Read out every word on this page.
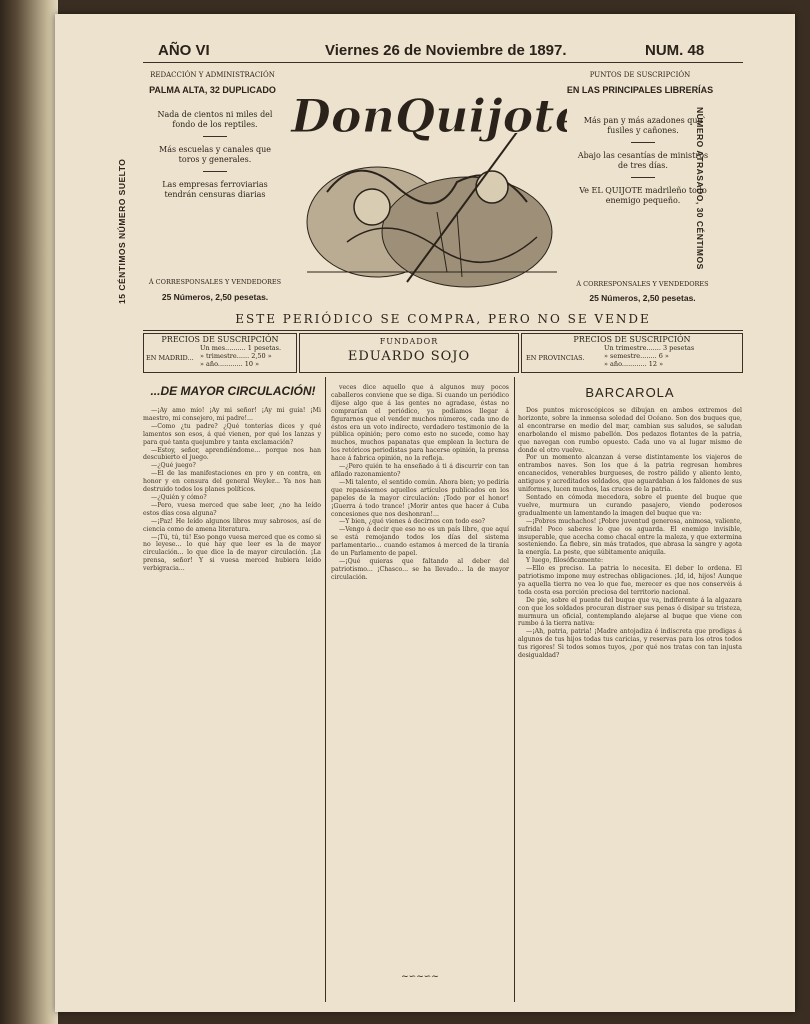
AÑO VI	Viernes 26 de Noviembre de 1897.	NUM. 48
REDACCIÓN Y ADMINISTRACIÓN
PALMA ALTA, 32 DUPLICADO
Nada de cientos ni miles del fondo de los reptiles.
Más escuelas y canales que toros y generales.
Las empresas ferroviarias tendrán censuras diarias
Á CORRESPONSALES Y VENDEDORES
25 Números, 2,50 pesetas.
15 CÉNTIMOS NÚMERO SUELTO
DonQuijote
PUNTOS DE SUSCRIPCIÓN
EN LAS PRINCIPALES LIBRERÍAS
Más pan y más azadones que fusiles y cañones.
Abajo las cesantías de ministros de tres días.
Ve EL QUIJOTE madrileño todo enemigo pequeño.
Á CORRESPONSALES Y VENDEDORES
25 Números, 2,50 pesetas.
NÚMERO ATRASADO, 30 CÉNTIMOS
ESTE PERIÓDICO SE COMPRA, PERO NO SE VENDE
PRECIOS DE SUSCRIPCIÓN
EN MADRID...
Un mes.......... 1 pesetas.
» trimestre...... 2,50 »
» año............ 10 »
FUNDADOR
EDUARDO SOJO
PRECIOS DE SUSCRIPCIÓN
EN PROVINCIAS.
Un trimestre....... 3 pesetas
» semestre........ 6 »
» año............ 12 »
...DE MAYOR CIRCULACIÓN!

—¡Ay amo mío! ¡Ay mi señor! ¡Ay mi guía! ¡Mi maestro, mi consejero, mi padre!...

—Como ¿tu padre? ¿Qué tonterías dices y qué lamentos son esos, á qué vienen, por qué los lanzas y para qué tanta quejumbre y tanta exclamación?

—Estoy, señor, aprendiéndome... porque nos han descubierto el juego.

—¿Qué juego?

—El de las manifestaciones en pro y en contra, en honor y en censura del general Weyler... Ya nos han destruido todos los planes políticos.

—¿Quién y cómo?

—Pero, vuesa merced que sabe leer, ¿no ha leído estos días cosa alguna?

—¡Paz! He leído algunos libros muy sabrosos, así de ciencia como de amena literatura.

—¡Tú, tú, tú! Eso pongo vuesa merced que es como si no leyese... lo que hay que leer es la de mayor circulación... lo que dice la de mayor circulación. ¡La prensa, señor! Y si vuesa merced hubiera leído verbigracia...

veces dice aquello que á algunos muy pocos caballeros conviene que se diga. Si cuando un periódico dijese algo que á las gentes no agradase, éstas no comprarían el periódico, ya podíamos llegar á figurarnos que el vender muchos números, cada uno de éstos era un voto indirecto, verdadero testimonio de la pública opinión; pero como esto no sucede, como hay muchos, muchos papanatas que emplean la lectura de los retóricos periodistas para hacerse opinión, la prensa hace á fabrica opinión, no la refleja.

—¿Pero quién te ha enseñado á ti á discurrir con tan afilado razonamiento?

—Mi talento, el sentido común. Ahora bien; yo pediría que repasásemos aquellos artículos publicados en los papeles de la mayor circulación: ¡Todo por el honor! ¡Guerra á todo trance! ¡Morir antes que hacer á Cuba concesiones que nos deshonran!...

—Y bien, ¿qué vienes á decirnos con todo eso?

—Vengo á decir que eso no es un país libre, que aquí se está remojando todos los días del sistema parlamentario... cuando estamos á merced de la tiranía de un Parlamento de papel.

—¡Qué quieras que faltando al deber del patriotismo... ¡Chasco... se ha llevado... la de mayor circulación.

~∽~∽~
BARCAROLA

Dos puntos microscópicos se dibujan en ambos extremos del horizonte, sobre la inmensa soledad del Océano. Son dos buques que, al encontrarse en medio del mar, cambian sus saludos, se saludan enarbolando el mismo pabellón. Dos pedazos flotantes de la patria, que navegan con rumbo opuesto. Cada uno va al lugar mismo de donde el otro vuelve.

Por un momento alcanzan á verse distintamente los viajeros de entrambos naves. Son los que á la patria regresan hombres encanecidos, venerables burgueses, de rostro pálido y aliento lento, antiguos y acreditados soldados, que aguardaban á los faldones de sus uniformes, lucen muchos, las cruces de la patria.

Sentado en cómoda mecedora, sobre el puente del buque que vuelve, murmura un curando pasajero, viendo poderosos gradualmente un lamentando la imagen del buque que va:

—¡Pobres muchachos! ¡Pobre juventud generosa, animosa, valiente, sufrida! Poco saberes lo que os aguarda. El enemigo invisible, insuperable, que acecha como chacal entre la maleza, y que extermina sosteniendo. La fiebre, sin más tratados, que abrasa la sangre y agota la energía. La peste, que súbitamente aniquila.

Y luego, filosóficamente:

—Ello es preciso. La patria lo necesita. El deber lo ordena. El patriotismo impone muy estrechas obligaciones. ¡Id, id, hijos! Aunque ya aquella tierra no vea lo que fue, merecer es que nos conservéis á toda costa esa porción preciosa del territorio nacional.

De pie, sobre el puente del buque que va, indiferente á la algazara con que los soldados procuran distraer sus penas ó disipar su tristeza, murmura un oficial, contemplando alejarse al buque que viene con rumbo á la tierra nativa:

—¡Ah, patria, patria! ¡Madre antojadiza é indiscreta que prodigas á algunos de tus hijos todas tus caricias, y reservas para los otros todos tus rigores! Si todos somos tuyos, ¿por qué nos tratas con tan injusta desigualdad?
